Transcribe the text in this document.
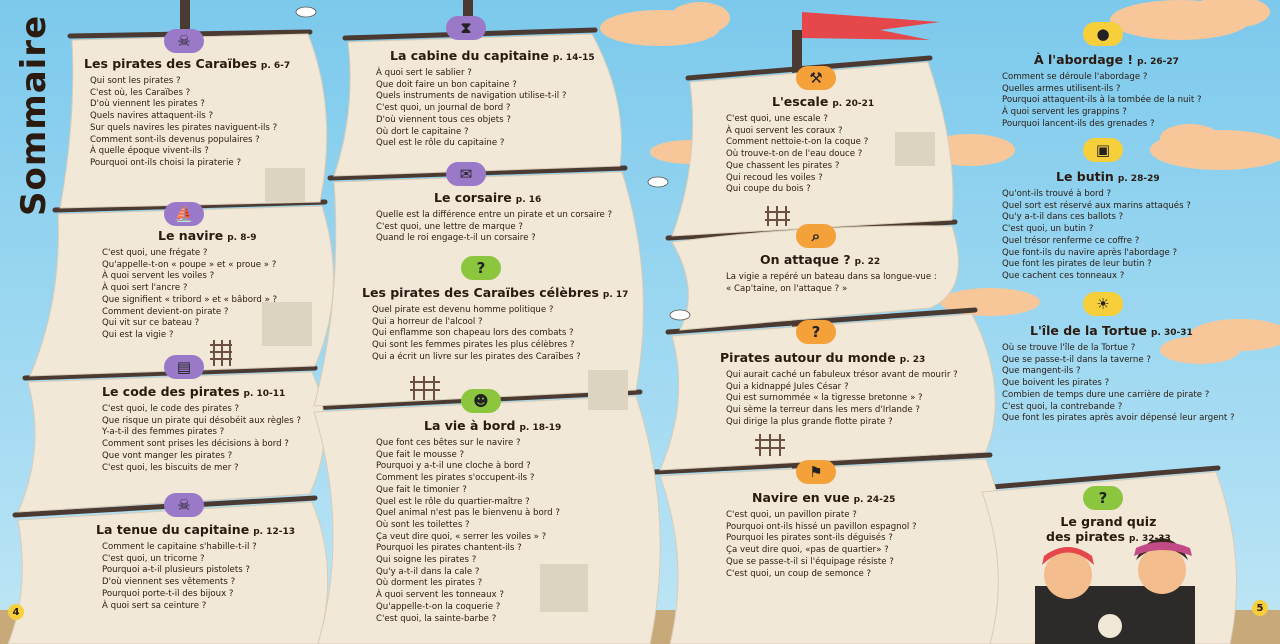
Sommaire
4	5
☠
⛵
▤
☠
⧗
✉
?
☻
⚒
⌕
?
⚑
●
▣
☀
?
Les pirates des Caraïbes p. 6-7
Qui sont les pirates ?
C'est où, les Caraïbes ?
D'où viennent les pirates ?
Quels navires attaquent-ils ?
Sur quels navires les pirates naviguent-ils ?
Comment sont-ils devenus populaires ?
À quelle époque vivent-ils ?
Pourquoi ont-ils choisi la piraterie ?
Le navire p. 8-9
C'est quoi, une frégate ?
Qu'appelle-t-on « poupe » et « proue » ?
À quoi servent les voiles ?
À quoi sert l'ancre ?
Que signifient « tribord » et « bâbord » ?
Comment devient-on pirate ?
Qui vit sur ce bateau ?
Qui est la vigie ?
Le code des pirates p. 10-11
C'est quoi, le code des pirates ?
Que risque un pirate qui désobéit aux règles ?
Y-a-t-il des femmes pirates ?
Comment sont prises les décisions à bord ?
Que vont manger les pirates ?
C'est quoi, les biscuits de mer ?
La tenue du capitaine p. 12-13
Comment le capitaine s'habille-t-il ?
C'est quoi, un tricorne ?
Pourquoi a-t-il plusieurs pistolets ?
D'où viennent ses vêtements ?
Pourquoi porte-t-il des bijoux ?
À quoi sert sa ceinture ?
La cabine du capitaine p. 14-15
À quoi sert le sablier ?
Que doit faire un bon capitaine ?
Quels instruments de navigation utilise-t-il ?
C'est quoi, un journal de bord ?
D'où viennent tous ces objets ?
Où dort le capitaine ?
Quel est le rôle du capitaine ?
Le corsaire p. 16
Quelle est la différence entre un pirate et un corsaire ?
C'est quoi, une lettre de marque ?
Quand le roi engage-t-il un corsaire ?
Les pirates des Caraïbes célèbres p. 17
Quel pirate est devenu homme politique ?
Qui a horreur de l'alcool ?
Qui enflamme son chapeau lors des combats ?
Qui sont les femmes pirates les plus célèbres ?
Qui a écrit un livre sur les pirates des Caraïbes ?
La vie à bord p. 18-19
Que font ces bêtes sur le navire ?
Que fait le mousse ?
Pourquoi y a-t-il une cloche à bord ?
Comment les pirates s'occupent-ils ?
Que fait le timonier ?
Quel est le rôle du quartier-maître ?
Quel animal n'est pas le bienvenu à bord ?
Où sont les toilettes ?
Ça veut dire quoi, « serrer les voiles » ?
Pourquoi les pirates chantent-ils ?
Qui soigne les pirates ?
Qu'y a-t-il dans la cale ?
Où dorment les pirates ?
À quoi servent les tonneaux ?
Qu'appelle-t-on la coquerie ?
C'est quoi, la sainte-barbe ?
L'escale p. 20-21
C'est quoi, une escale ?
À quoi servent les coraux ?
Comment nettoie-t-on la coque ?
Où trouve-t-on de l'eau douce ?
Que chassent les pirates ?
Qui recoud les voiles ?
Qui coupe du bois ?
On attaque ? p. 22
La vigie a repéré un bateau dans sa longue-vue :
« Cap'taine, on l'attaque ? »
Pirates autour du monde p. 23
Qui aurait caché un fabuleux trésor avant de mourir ?
Qui a kidnappé Jules César ?
Qui est surnommée « la tigresse bretonne » ?
Qui sème la terreur dans les mers d'Irlande ?
Qui dirige la plus grande flotte pirate ?
Navire en vue p. 24-25
C'est quoi, un pavillon pirate ?
Pourquoi ont-ils hissé un pavillon espagnol ?
Pourquoi les pirates sont-ils déguisés ?
Ça veut dire quoi, «pas de quartier» ?
Que se passe-t-il si l'équipage résiste ?
C'est quoi, un coup de semonce ?
À l'abordage ! p. 26-27
Comment se déroule l'abordage ?
Quelles armes utilisent-ils ?
Pourquoi attaquent-ils à la tombée de la nuit ?
À quoi servent les grappins ?
Pourquoi lancent-ils des grenades ?
Le butin p. 28-29
Qu'ont-ils trouvé à bord ?
Quel sort est réservé aux marins attaqués ?
Qu'y a-t-il dans ces ballots ?
C'est quoi, un butin ?
Quel trésor renferme ce coffre ?
Que font-ils du navire après l'abordage ?
Que font les pirates de leur butin ?
Que cachent ces tonneaux ?
L'île de la Tortue p. 30-31
Où se trouve l'île de la Tortue ?
Que se passe-t-il dans la taverne ?
Que mangent-ils ?
Que boivent les pirates ?
Combien de temps dure une carrière de pirate ?
C'est quoi, la contrebande ?
Que font les pirates après avoir dépensé leur argent ?
Le grand quiz
des pirates p. 32-33
